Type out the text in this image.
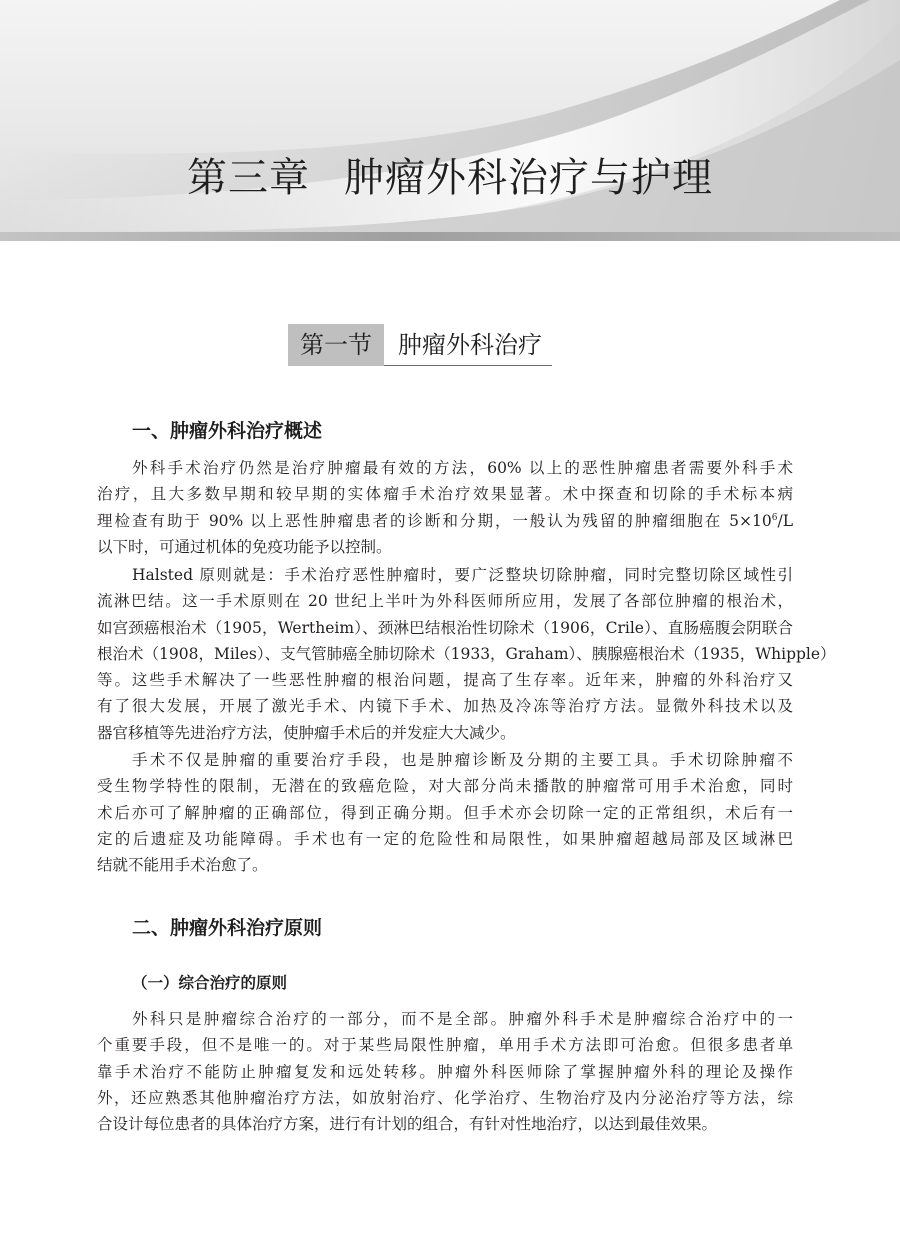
第三章 肿瘤外科治疗与护理
第一节	肿瘤外科治疗
一、肿瘤外科治疗概述

外科手术治疗仍然是治疗肿瘤最有效的方法，60% 以上的恶性肿瘤患者需要外科手术
治疗，且大多数早期和较早期的实体瘤手术治疗效果显著。术中探查和切除的手术标本病
理检查有助于 90% 以上恶性肿瘤患者的诊断和分期，一般认为残留的肿瘤细胞在 $5\times 10^6/L$
以下时，可通过机体的免疫功能予以控制。

Halsted 原则就是：手术治疗恶性肿瘤时，要广泛整块切除肿瘤，同时完整切除区域性引
流淋巴结。这一手术原则在 20 世纪上半叶为外科医师所应用，发展了各部位肿瘤的根治术，
如宫颈癌根治术（1905，Wertheim）、颈淋巴结根治性切除术（1906，Crile）、直肠癌腹会阴联合
根治术（1908，Miles）、支气管肺癌全肺切除术（1933，Graham）、胰腺癌根治术（1935，Whipple）
等。这些手术解决了一些恶性肿瘤的根治问题，提高了生存率。近年来，肿瘤的外科治疗又
有了很大发展，开展了激光手术、内镜下手术、加热及冷冻等治疗方法。显微外科技术以及
器官移植等先进治疗方法，使肿瘤手术后的并发症大大减少。

手术不仅是肿瘤的重要治疗手段，也是肿瘤诊断及分期的主要工具。手术切除肿瘤不
受生物学特性的限制，无潜在的致癌危险，对大部分尚未播散的肿瘤常可用手术治愈，同时
术后亦可了解肿瘤的正确部位，得到正确分期。但手术亦会切除一定的正常组织，术后有一
定的后遗症及功能障碍。手术也有一定的危险性和局限性，如果肿瘤超越局部及区域淋巴
结就不能用手术治愈了。

二、肿瘤外科治疗原则
（一）综合治疗的原则

外科只是肿瘤综合治疗的一部分，而不是全部。肿瘤外科手术是肿瘤综合治疗中的一
个重要手段，但不是唯一的。对于某些局限性肿瘤，单用手术方法即可治愈。但很多患者单
靠手术治疗不能防止肿瘤复发和远处转移。肿瘤外科医师除了掌握肿瘤外科的理论及操作
外，还应熟悉其他肿瘤治疗方法，如放射治疗、化学治疗、生物治疗及内分泌治疗等方法，综
合设计每位患者的具体治疗方案，进行有计划的组合，有针对性地治疗，以达到最佳效果。
